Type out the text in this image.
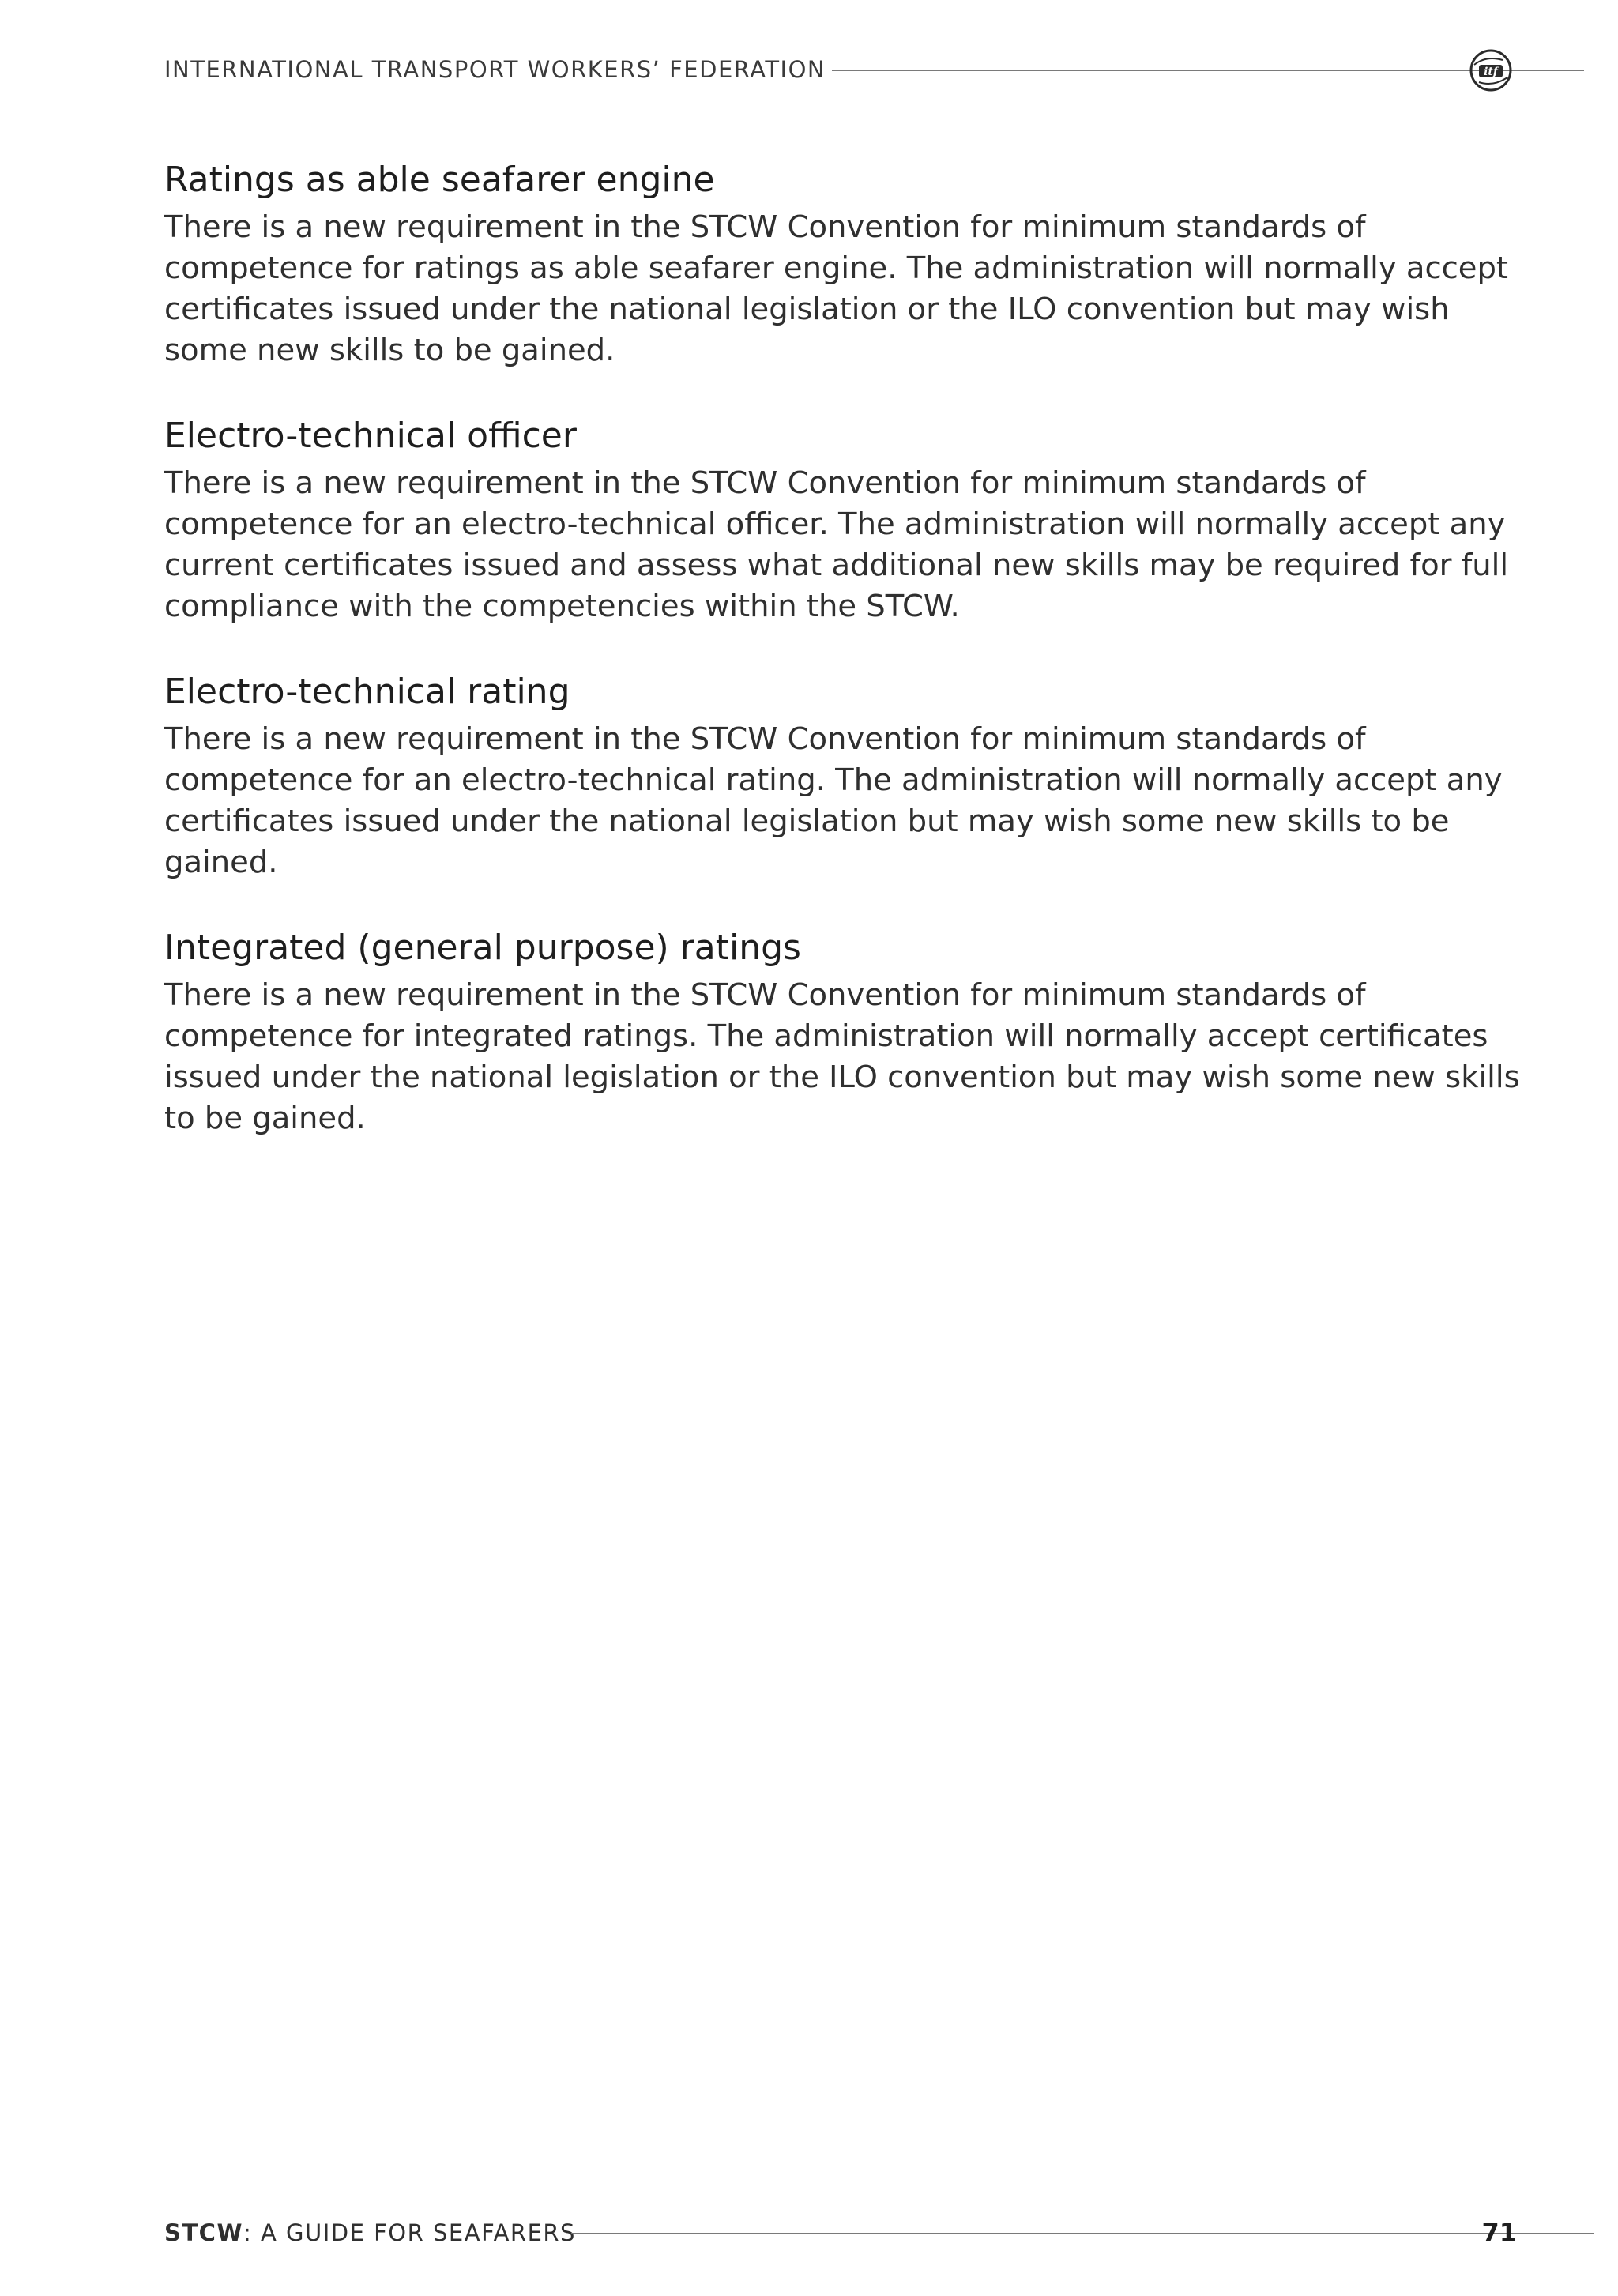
INTERNATIONAL TRANSPORT WORKERS’ FEDERATION	itf
Ratings as able seafarer engine

There is a new requirement in the STCW Convention for minimum standards of competence for ratings as able seafarer engine. The administration will normally accept certificates issued under the national legislation or the ILO convention but may wish some new skills to be gained.

Electro-technical officer

There is a new requirement in the STCW Convention for minimum standards of competence for an electro-technical officer. The administration will normally accept any current certificates issued and assess what additional new skills may be required for full compliance with the competencies within the STCW.

Electro-technical rating

There is a new requirement in the STCW Convention for minimum standards of competence for an electro-technical rating. The administration will normally accept any certificates issued under the national legislation but may wish some new skills to be gained.

Integrated (general purpose) ratings

There is a new requirement in the STCW Convention for minimum standards of competence for integrated ratings. The administration will normally accept certificates issued under the national legislation or the ILO convention but may wish some new skills to be gained.

STCW: A GUIDE FOR SEAFARERS	71
